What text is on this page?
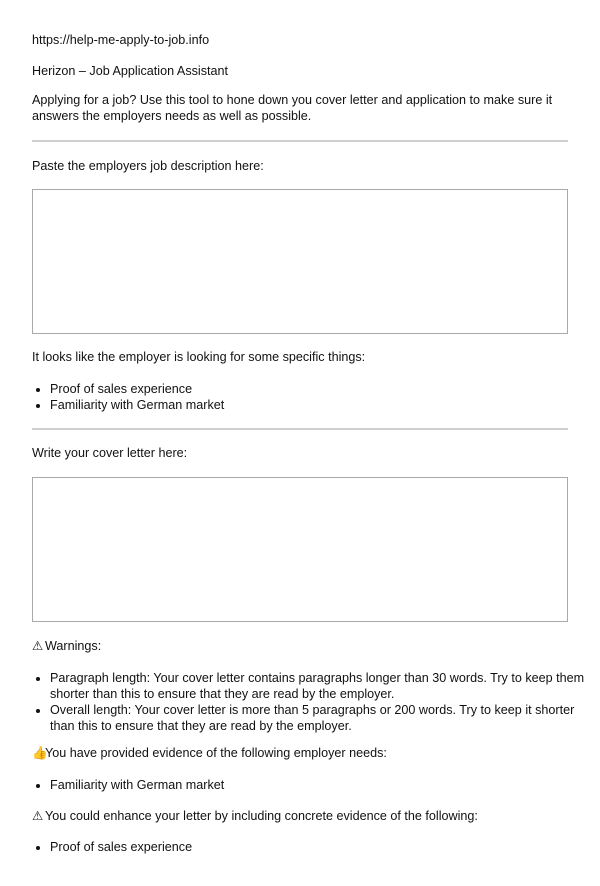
https://help-me-apply-to-job.info
Herizon – Job Application Assistant
Applying for a job? Use this tool to hone down you cover letter and application to make sure it answers the employers needs as well as possible.
Paste the employers job description here:
It looks like the employer is looking for some specific things:
• Proof of sales experience
• Familiarity with German market
Write your cover letter here:
⚠ Warnings:
• Paragraph length: Your cover letter contains paragraphs longer than 30 words. Try to keep them shorter than this to ensure that they are read by the employer.
• Overall length: Your cover letter is more than 5 paragraphs or 200 words. Try to keep it shorter than this to ensure that they are read by the employer.
👍You have provided evidence of the following employer needs:
• Familiarity with German market
⚠ You could enhance your letter by including concrete evidence of the following:
• Proof of sales experience
